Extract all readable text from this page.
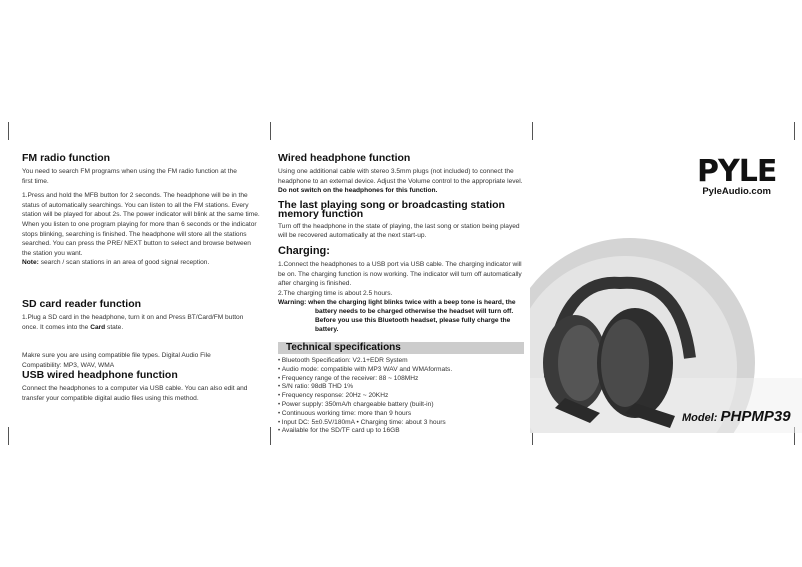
FM radio function

You need to search FM programs when using the FM radio function at the first time.

1.Press and hold the MFB button for 2 seconds. The headphone will be in the status of automatically searchings. You can listen to all the FM stations. Every station will be played for about 2s. The power indicator will blink at the same time. When you listen to one program playing for more than 6 seconds or the indicator stops blinking, searching is finished. The headphone will store all the stations searched. You can press the PRE/ NEXT button to select and browse between the station you want.

Note: search / scan stations in an area of good signal reception.

SD card reader function

1.Plug a SD card in the headphone, turn it on and Press BT/Card/FM button once. It comes into the Card state.

Makre sure you are using compatible file types. Digital Audio File Compatibility: MP3, WAV, WMA

USB wired headphone function

Connect the headphones to a computer via USB cable. You can also edit and transfer your compatible digital audio files using this method.

Wired headphone function

Using one additional cable with stereo 3.5mm plugs (not included) to connect the headphone to an external device. Adjust the Volume control to the appropriate level. Do not switch on the headphones for this function.

The last playing song or broadcasting station memory function

Turn off the headphone in the state of playing, the last song or station being played will be recovered automatically at the next start-up.

Charging:

1.Connect the headphones to a USB port via USB cable. The charging indicator will be on. The charging function is now working. The indicator will turn off automatically after charging is finished.

2.The charging time is about 2.5 hours.

Warning: when the charging light blinks twice with a beep tone is heard, the battery needs to be charged otherwise the headset will turn off. Before you use this Bluetooth headset, please fully charge the battery.
Technical specifications
• Bluetooth Specification: V2.1+EDR System
• Audio mode: compatible with MP3 WAV and WMAformats.
• Frequency range of the receiver: 88 ~ 108MHz
• S/N ratio: 98dB THD 1%
• Frequency response: 20Hz ~ 20KHz
• Power supply: 350mA/h chargeable battery (built-in)
• Continuous working time: more than 9 hours
• Input DC: 5±0.5V/180mA • Charging time: about 3 hours
• Available for the SD/TF card up to 16GB
PYLE
PyleAudio.com
Model: PHPMP39
